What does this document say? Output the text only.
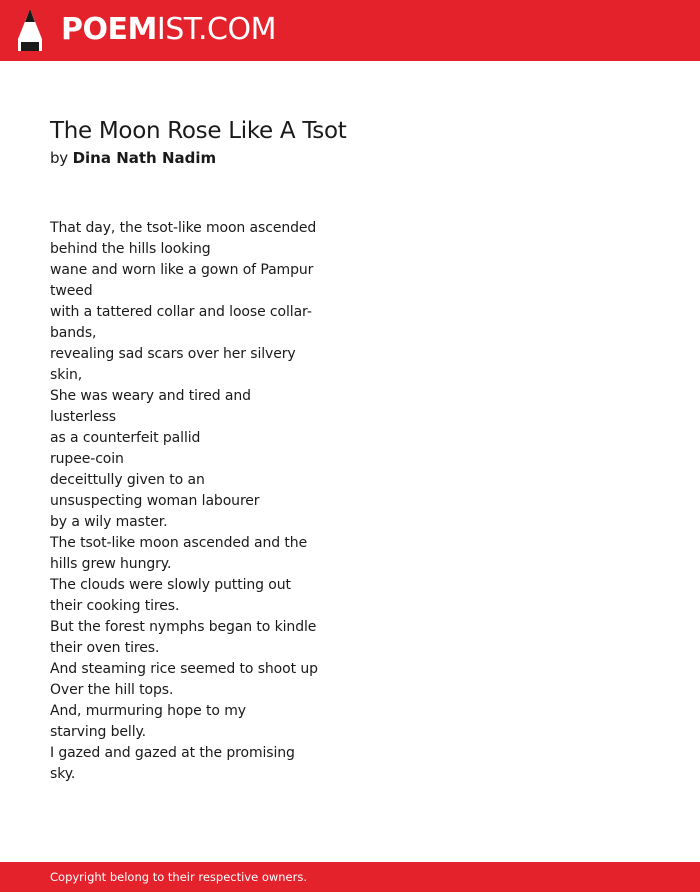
POEMIST.COM
The Moon Rose Like A Tsot
by Dina Nath Nadim
That day, the tsot-like moon ascended
behind the hills looking
wane and worn like a gown of Pampur
tweed
with a tattered collar and loose collar-
bands,
revealing sad scars over her silvery
skin,
She was weary and tired and
lusterless
as a counterfeit pallid
rupee-coin
deceittully given to an
unsuspecting woman labourer
by a wily master.
The tsot-like moon ascended and the
hills grew hungry.
The clouds were slowly putting out
their cooking tires.
But the forest nymphs began to kindle
their oven tires.
And steaming rice seemed to shoot up
Over the hill tops.
And, murmuring hope to my
starving belly.
I gazed and gazed at the promising
sky.
Copyright belong to their respective owners.
